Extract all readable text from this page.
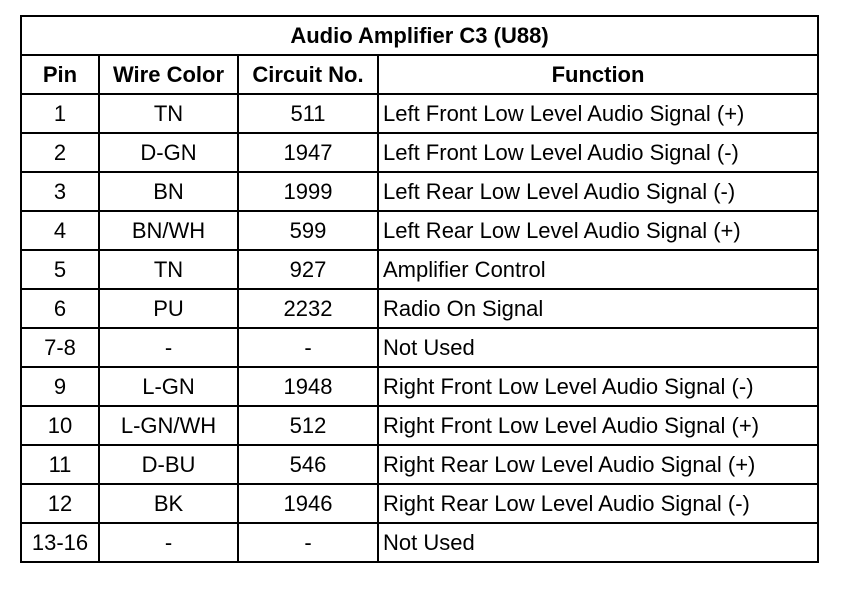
Audio Amplifier C3 (U88)			
Pin	Wire Color	Circuit No.	Function
1	TN	511	Left Front Low Level Audio Signal (+)
2	D-GN	1947	Left Front Low Level Audio Signal (-)
3	BN	1999	Left Rear Low Level Audio Signal (-)
4	BN/WH	599	Left Rear Low Level Audio Signal (+)
5	TN	927	Amplifier Control
6	PU	2232	Radio On Signal
7-8	-	-	Not Used
9	L-GN	1948	Right Front Low Level Audio Signal (-)
10	L-GN/WH	512	Right Front Low Level Audio Signal (+)
11	D-BU	546	Right Rear Low Level Audio Signal (+)
12	BK	1946	Right Rear Low Level Audio Signal (-)
13-16	-	-	Not Used
